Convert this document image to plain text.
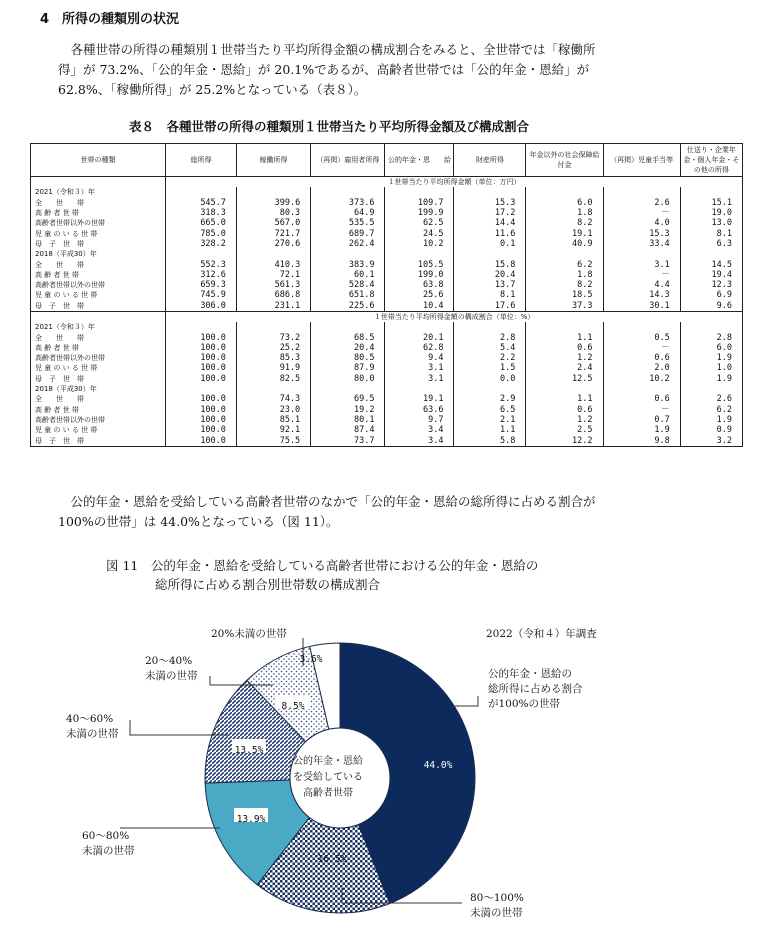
4　所得の種類別の状況
各種世帯の所得の種類別１世帯当たり平均所得金額の構成割合をみると、全世帯では「稼働所
得」が 73.2%、「公的年金・恩給」が 20.1%であるが、高齢者世帯では「公的年金・恩給」が
62.8%、「稼働所得」が 25.2%となっている（表８）。
表８　各種世帯の所得の種類別１世帯当たり平均所得金額及び構成割合
世帯の種類	総所得	稼働所得	（再掲）雇用者所得	公的年金・恩　　給	財産所得	年金以外の社会保障給付金	（再掲）児童手当等	仕送り・企業年金・個人年金・その他の所得
	１世帯当たり平均所得金額（単位：万円）							
2021（令和３）年								
全　　世　　帯	545.7	399.6	373.6	109.7	15.3	6.0	2.6	15.1
高 齢 者 世 帯	318.3	80.3	64.9	199.9	17.2	1.8	－	19.0
高齢者世帯以外の世帯	665.0	567.0	535.5	62.5	14.4	8.2	4.0	13.0
児 童 の い る 世 帯	785.0	721.7	689.7	24.5	11.6	19.1	15.3	8.1
母　子　世　帯	328.2	270.6	262.4	10.2	0.1	40.9	33.4	6.3
2018（平成30）年								
全　　世　　帯	552.3	410.3	383.9	105.5	15.8	6.2	3.1	14.5
高 齢 者 世 帯	312.6	72.1	60.1	199.0	20.4	1.8	－	19.4
高齢者世帯以外の世帯	659.3	561.3	528.4	63.8	13.7	8.2	4.4	12.3
児 童 の い る 世 帯	745.9	686.8	651.8	25.6	8.1	18.5	14.3	6.9
母　子　世　帯	306.0	231.1	225.6	10.4	17.6	37.3	30.1	9.6
	１世帯当たり平均所得金額の構成割合（単位：%）							
2021（令和３）年								
全　　世　　帯	100.0	73.2	68.5	20.1	2.8	1.1	0.5	2.8
高 齢 者 世 帯	100.0	25.2	20.4	62.8	5.4	0.6	－	6.0
高齢者世帯以外の世帯	100.0	85.3	80.5	9.4	2.2	1.2	0.6	1.9
児 童 の い る 世 帯	100.0	91.9	87.9	3.1	1.5	2.4	2.0	1.0
母　子　世　帯	100.0	82.5	80.0	3.1	0.0	12.5	10.2	1.9
2018（平成30）年								
全　　世　　帯	100.0	74.3	69.5	19.1	2.9	1.1	0.6	2.6
高 齢 者 世 帯	100.0	23.0	19.2	63.6	6.5	0.6	－	6.2
高齢者世帯以外の世帯	100.0	85.1	80.1	9.7	2.1	1.2	0.7	1.9
児 童 の い る 世 帯	100.0	92.1	87.4	3.4	1.1	2.5	1.9	0.9
母　子　世　帯	100.0	75.5	73.7	3.4	5.8	12.2	9.8	3.2
公的年金・恩給を受給している高齢者世帯のなかで「公的年金・恩給の総所得に占める割合が
100%の世帯」は 44.0%となっている（図 11）。
図 11　公的年金・恩給を受給している高齢者世帯における公的年金・恩給の
総所得に占める割合別世帯数の構成割合
公的年金・恩給
を受給している
高齢者世帯
44.0%
16.5%
13.9%
13.5%
8.5%
3.6%
20%未満の世帯	2022（令和４）年調査
20～40%
未満の世帯	公的年金・恩給の
総所得に占める割合
が100%の世帯
40～60%
未満の世帯
60～80%
未満の世帯
80～100%
未満の世帯
